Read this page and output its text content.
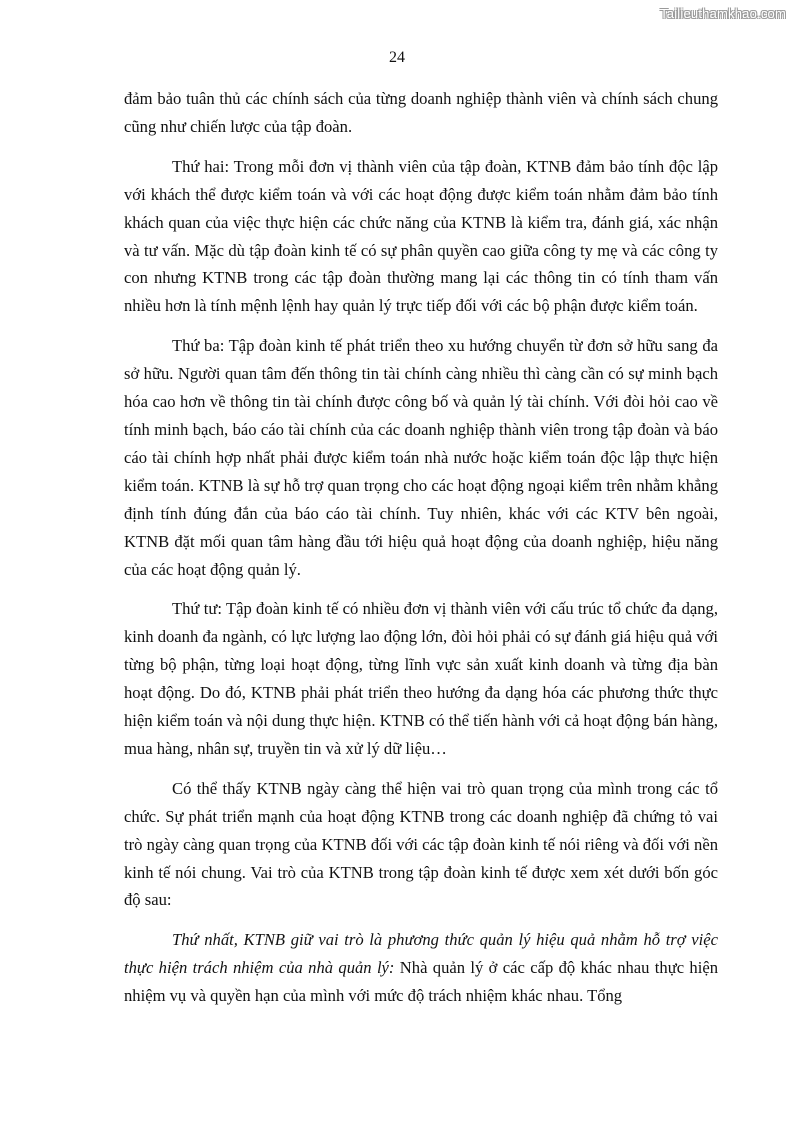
Tailieuthamkhao.com
24

đảm bảo tuân thủ các chính sách của từng doanh nghiệp thành viên và chính sách chung cũng như chiến lược của tập đoàn.

Thứ hai: Trong mỗi đơn vị thành viên của tập đoàn, KTNB đảm bảo tính độc lập với khách thể được kiểm toán và với các hoạt động được kiểm toán nhằm đảm bảo tính khách quan của việc thực hiện các chức năng của KTNB là kiểm tra, đánh giá, xác nhận và tư vấn. Mặc dù tập đoàn kinh tế có sự phân quyền cao giữa công ty mẹ và các công ty con nhưng KTNB trong các tập đoàn thường mang lại các thông tin có tính tham vấn nhiều hơn là tính mệnh lệnh hay quản lý trực tiếp đối với các bộ phận được kiểm toán.

Thứ ba: Tập đoàn kinh tế phát triển theo xu hướng chuyển từ đơn sở hữu sang đa sở hữu. Người quan tâm đến thông tin tài chính càng nhiều thì càng cần có sự minh bạch hóa cao hơn về thông tin tài chính được công bố và quản lý tài chính. Với đòi hỏi cao về tính minh bạch, báo cáo tài chính của các doanh nghiệp thành viên trong tập đoàn và báo cáo tài chính hợp nhất phải được kiểm toán nhà nước hoặc kiểm toán độc lập thực hiện kiểm toán. KTNB là sự hỗ trợ quan trọng cho các hoạt động ngoại kiểm trên nhằm khẳng định tính đúng đắn của báo cáo tài chính. Tuy nhiên, khác với các KTV bên ngoài, KTNB đặt mối quan tâm hàng đầu tới hiệu quả hoạt động của doanh nghiệp, hiệu năng của các hoạt động quản lý.

Thứ tư: Tập đoàn kinh tế có nhiều đơn vị thành viên với cấu trúc tổ chức đa dạng, kinh doanh đa ngành, có lực lượng lao động lớn, đòi hỏi phải có sự đánh giá hiệu quả với từng bộ phận, từng loại hoạt động, từng lĩnh vực sản xuất kinh doanh và từng địa bàn hoạt động. Do đó, KTNB phải phát triển theo hướng đa dạng hóa các phương thức thực hiện kiểm toán và nội dung thực hiện. KTNB có thể tiến hành với cả hoạt động bán hàng, mua hàng, nhân sự, truyền tin và xử lý dữ liệu…

Có thể thấy KTNB ngày càng thể hiện vai trò quan trọng của mình trong các tổ chức. Sự phát triển mạnh của hoạt động KTNB trong các doanh nghiệp đã chứng tỏ vai trò ngày càng quan trọng của KTNB đối với các tập đoàn kinh tế nói riêng và đối với nền kinh tế nói chung. Vai trò của KTNB trong tập đoàn kinh tế được xem xét dưới bốn góc độ sau:

Thứ nhất, KTNB giữ vai trò là phương thức quản lý hiệu quả nhằm hỗ trợ việc thực hiện trách nhiệm của nhà quản lý: Nhà quản lý ở các cấp độ khác nhau thực hiện nhiệm vụ và quyền hạn của mình với mức độ trách nhiệm khác nhau. Tổng
